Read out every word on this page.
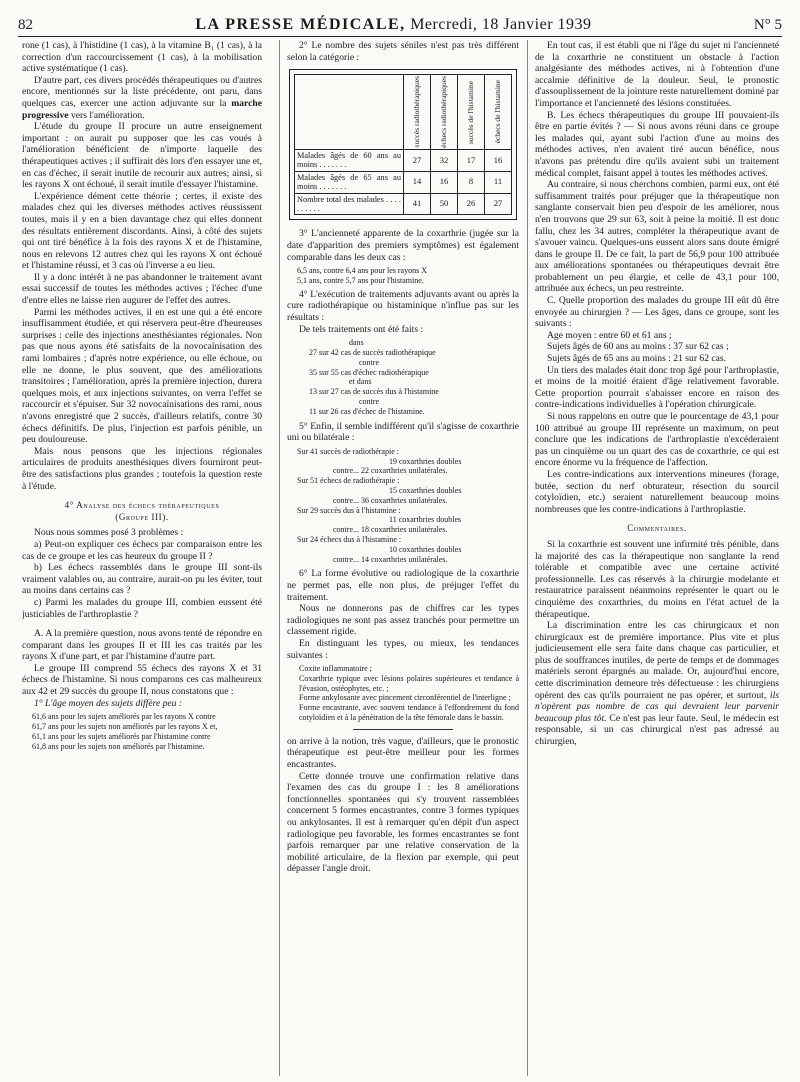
82	LA PRESSE MÉDICALE, Mercredi, 18 Janvier 1939	N° 5

rone (1 cas), à l'histidine (1 cas), à la vitamine B₁ (1 cas), à la correction d'un raccourcissement (1 cas), à la mobilisation active systématique (1 cas).

D'autre part, ces divers procédés thérapeutiques ou d'autres encore, mentionnés sur la liste précédente, ont paru, dans quelques cas, exercer une action adjuvante sur la marche progressive vers l'amélioration.

L'étude du groupe II procure un autre enseignement important : on aurait pu supposer que les cas voués à l'amélioration bénéficient de n'importe laquelle des thérapeutiques actives ; il suffirait dès lors d'en essayer une et, en cas d'échec, il serait inutile de recourir aux autres; ainsi, si les rayons X ont échoué, il serait inutile d'essayer l'histamine.

L'expérience dément cette théorie ; certes, il existe des malades chez qui les diverses méthodes actives réussissent toutes, mais il y en a bien davantage chez qui elles donnent des résultats entièrement discordants. Ainsi, à côté des sujets qui ont tiré bénéfice à la fois des rayons X et de l'histamine, nous en relevons 12 autres chez qui les rayons X ont échoué et l'histamine réussi, et 3 cas où l'inverse a eu lieu.

Il y a donc intérêt à ne pas abandonner le traitement avant essai successif de toutes les méthodes actives ; l'échec d'une d'entre elles ne laisse rien augurer de l'effet des autres.

Parmi les méthodes actives, il en est une qui a été encore insuffisamment étudiée, et qui réservera peut-être d'heureuses surprises : celle des injections anesthésiantes régionales. Non pas que nous ayons été satisfaits de la novocaïnisation des rami lombaires ; d'après notre expérience, ou elle échoue, ou elle ne donne, le plus souvent, que des améliorations transitoires ; l'amélioration, après la première injection, durera quelques mois, et aux injections suivantes, on verra l'effet se raccourcir et s'épuiser. Sur 32 novocaïnisations des rami, nous n'avons enregistré que 2 succès, d'ailleurs relatifs, contre 30 échecs définitifs. De plus, l'injection est parfois pénible, un peu douloureuse.

Mais nous pensons que les injections régionales articulaires de produits anesthésiques divers fourniront peut-être des satisfactions plus grandes ; toutefois la question reste à l'étude.

4° Analyse des échecs thérapeutiques
(Groupe III).

Nous nous sommes posé 3 problèmes :

a) Peut-on expliquer ces échecs par comparaison entre les cas de ce groupe et les cas heureux du groupe II ?

b) Les échecs rassemblés dans le groupe III sont-ils vraiment valables ou, au contraire, aurait-on pu les éviter, tout au moins dans certains cas ?

c) Parmi les malades du groupe III, combien eussent été justiciables de l'arthroplastie ?

A. A la première question, nous avons tenté de répondre en comparant dans les groupes II et III les cas traités par les rayons X d'une part, et par l'histamine d'autre part.

Le groupe III comprend 55 échecs des rayons X et 31 échecs de l'histamine. Si nous comparons ces cas malheureux aux 42 et 29 succès du groupe II, nous constatons que :

1° L'âge moyen des sujets diffère peu :

61,6 ans pour les sujets améliorés par les rayons X contre

61,7 ans pour les sujets non améliorés par les rayons X et,

61,1 ans pour les sujets améliorés par l'histamine contre

61,8 ans pour les sujets non améliorés par l'histamine.

2° Le nombre des sujets séniles n'est pas très différent selon la catégorie :

	succès radiothérapiques	échecs radiothérapiques	succès de l'histamine	échecs de l'histamine

Malades âgés de 60 ans au moins . . . . . . .	27	32	17	16
Malades âgés de 65 ans au moins . . . . . . .	14	16	8	11
Nombre total des malades . . . . . . . . . .	41	50	26	27

3° L'ancienneté apparente de la coxarthrie (jugée sur la date d'apparition des premiers symptômes) est également comparable dans les deux cas :

6,5 ans, contre 6,4 ans pour les rayons X

5,1 ans, contre 5,7 ans pour l'histamine.

4° L'exécution de traitements adjuvants avant ou après la cure radiothérapique ou histaminique n'influe pas sur les résultats :

De tels traitements ont été faits :

dans

27 sur 42 cas de succès radiothérapique

contre

35 sur 55 cas d'échec radiothérapique

et dans

13 sur 27 cas de succès dus à l'histamine

contre

11 sur 26 cas d'échec de l'histamine.

5° Enfin, il semble indifférent qu'il s'agisse de coxarthrie uni ou bilatérale :

Sur 41 succès de radiothérapie :

19 coxarthries doubles

contre... 22 coxarthries unilatérales.

Sur 51 échecs de radiothérapie :

15 coxarthries doubles

contre... 36 coxarthries unilatérales.

Sur 29 succès dus à l'histamine :

11 coxarthries doubles

contre... 18 coxarthries unilatérales.

Sur 24 échecs dus à l'histamine :

10 coxarthries doubles

contre... 14 coxarthries unilatérales.

6° La forme évolutive ou radiologique de la coxarthrie ne permet pas, elle non plus, de préjuger l'effet du traitement.

Nous ne donnerons pas de chiffres car les types radiologiques ne sont pas assez tranchés pour permettre un classement rigide.

En distinguant les types, ou mieux, les tendances suivantes :

Coxite inflammatoire ;

Coxarthrie typique avec lésions polaires supérieures et tendance à l'évasion, ostéophytes, etc. ;

Forme ankylosante avec pincement circonférentiel de l'interligne ;

Forme encastrante, avec souvent tendance à l'effondrement du fond cotyloïdien et à la pénétration de la tête fémorale dans le bassin.

on arrive à la notion, très vague, d'ailleurs, que le pronostic thérapeutique est peut-être meilleur pour les formes encastrantes.

Cette donnée trouve une confirmation relative dans l'examen des cas du groupe I : les 8 améliorations fonctionnelles spontanées qui s'y trouvent rassemblées concernent 5 formes encastrantes, contre 3 formes typiques ou ankylosantes. Il est à remarquer qu'en dépit d'un aspect radiologique peu favorable, les formes encastrantes se font parfois remarquer par une relative conservation de la mobilité articulaire, de la flexion par exemple, qui peut dépasser l'angle droit.

En tout cas, il est établi que ni l'âge du sujet ni l'ancienneté de la coxarthrie ne constituent un obstacle à l'action analgésiante des méthodes actives, ni à l'obtention d'une accalmie définitive de la douleur. Seul, le pronostic d'assouplissement de la jointure reste naturellement dominé par l'importance et l'ancienneté des lésions constituées.

B. Les échecs thérapeutiques du groupe III pouvaient-ils être en partie évités ? — Si nous avons réuni dans ce groupe les malades qui, ayant subi l'action d'une au moins des méthodes actives, n'en avaient tiré aucun bénéfice, nous n'avons pas prétendu dire qu'ils avaient subi un traitement médical complet, faisant appel à toutes les méthodes actives.

Au contraire, si nous cherchons combien, parmi eux, ont été suffisamment traités pour préjuger que la thérapeutique non sanglante conservait bien peu d'espoir de les améliorer, nous n'en trouvons que 29 sur 63, soit à peine la moitié. Il est donc fallu, chez les 34 autres, compléter la thérapeutique avant de s'avouer vaincu. Quelques-uns eussent alors sans doute émigré dans le groupe II. De ce fait, la part de 56,9 pour 100 attribuée aux améliorations spontanées ou thérapeutiques devrait être probablement un peu élargie, et celle de 43,1 pour 100, attribuée aux échecs, un peu restreinte.

C. Quelle proportion des malades du groupe III eût dû être envoyée au chirurgien ? — Les âges, dans ce groupe, sont les suivants :

Age moyen : entre 60 et 61 ans ;

Sujets âgés de 60 ans au moins : 37 sur 62 cas ;

Sujets âgés de 65 ans au moins : 21 sur 62 cas.

Un tiers des malades était donc trop âgé pour l'arthroplastie, et moins de la moitié étaient d'âge relativement favorable. Cette proportion pourrait s'abaisser encore en raison des contre-indications individuelles à l'opération chirurgicale.

Si nous rappelons en outre que le pourcentage de 43,1 pour 100 attribué au groupe III représente un maximum, on peut conclure que les indications de l'arthroplastie n'excéderaient pas un cinquième ou un quart des cas de coxarthrie, ce qui est encore énorme vu la fréquence de l'affection.

Les contre-indications aux interventions mineures (forage, butée, section du nerf obturateur, résection du sourcil cotyloïdien, etc.) seraient naturellement beaucoup moins nombreuses que les contre-indications à l'arthroplastie.

Commentaires.

Si la coxarthrie est souvent une infirmité très pénible, dans la majorité des cas la thérapeutique non sanglante la rend tolérable et compatible avec une certaine activité professionnelle. Les cas réservés à la chirurgie modelante et restauratrice paraissent néanmoins représenter le quart ou le cinquième des coxarthries, du moins en l'état actuel de la thérapeutique.

La discrimination entre les cas chirurgicaux et non chirurgicaux est de première importance. Plus vite et plus judicieusement elle sera faite dans chaque cas particulier, et plus de souffrances inutiles, de perte de temps et de dommages matériels seront épargnés au malade. Or, aujourd'hui encore, cette discrimination demeure très défectueuse : les chirurgiens opèrent des cas qu'ils pourraient ne pas opérer, et surtout, ils n'opèrent pas nombre de cas qui devraient leur parvenir beaucoup plus tôt. Ce n'est pas leur faute. Seul, le médecin est responsable, si un cas chirurgical n'est pas adressé au chirurgien,
